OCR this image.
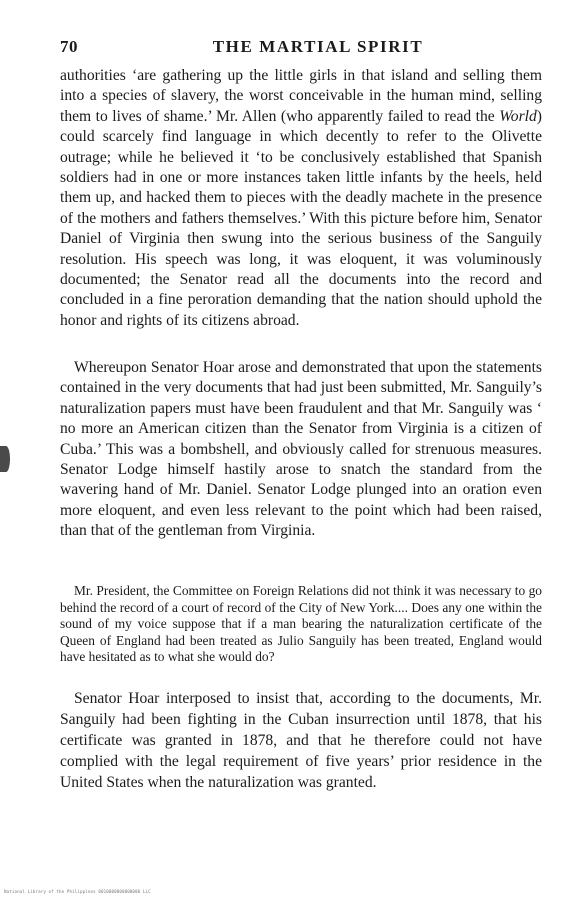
70	THE MARTIAL SPIRIT

authorities ‘are gathering up the little girls in that island and selling them into a species of slavery, the worst conceivable in the human mind, selling them to lives of shame.’ Mr. Allen (who apparently failed to read the World) could scarcely find language in which decently to refer to the Olivette outrage; while he believed it ‘to be conclusively established that Spanish soldiers had in one or more instances taken little infants by the heels, held them up, and hacked them to pieces with the deadly machete in the presence of the mothers and fathers themselves.’ With this picture before him, Senator Daniel of Virginia then swung into the serious business of the Sanguily resolution. His speech was long, it was eloquent, it was voluminously documented; the Senator read all the documents into the record and concluded in a fine peroration demanding that the nation should uphold the honor and rights of its citizens abroad.

Whereupon Senator Hoar arose and demonstrated that upon the statements contained in the very documents that had just been submitted, Mr. Sanguily’s naturalization papers must have been fraudulent and that Mr. Sanguily was ‘ no more an American citizen than the Senator from Virginia is a citizen of Cuba.’ This was a bombshell, and obviously called for strenuous measures. Senator Lodge himself hastily arose to snatch the standard from the wavering hand of Mr. Daniel. Senator Lodge plunged into an oration even more eloquent, and even less relevant to the point which had been raised, than that of the gentleman from Virginia.

Mr. President, the Committee on Foreign Relations did not think it was necessary to go behind the record of a court of record of the City of New York.... Does any one within the sound of my voice suppose that if a man bearing the naturalization certificate of the Queen of England had been treated as Julio Sanguily has been treated, England would have hesitated as to what she would do?

Senator Hoar interposed to insist that, according to the documents, Mr. Sanguily had been fighting in the Cuban insurrection until 1878, that his certificate was granted in 1878, and that he therefore could not have complied with the legal requirement of five years’ prior residence in the United States when the naturalization was granted.

National Library of the Philippines 0010000000000000 LLC
